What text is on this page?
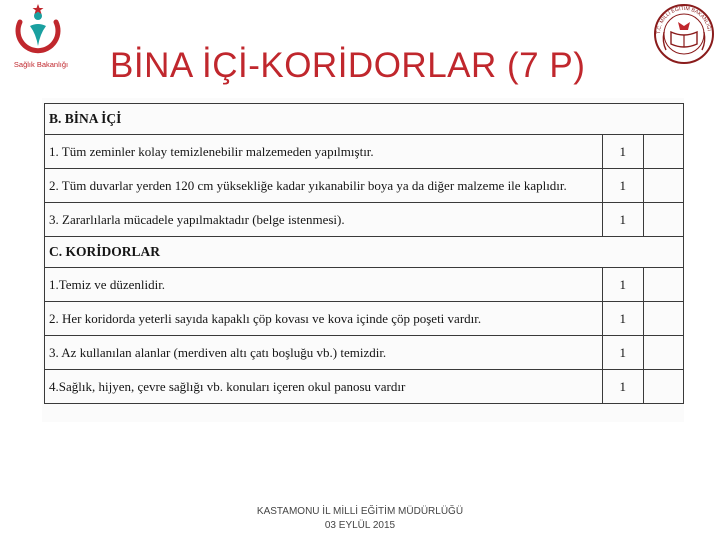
Sağlık Bakanlığı
T.C. MİLLİ EĞİTİM BAKANLIĞI
BİNA İÇİ-KORİDORLAR (7 P)
B. BİNA İÇİ		
1. Tüm zeminler kolay temizlenebilir malzemeden yapılmıştır.	1	
2. Tüm duvarlar yerden 120 cm yüksekliğe kadar yıkanabilir boya ya da diğer malzeme ile kaplıdır.	1	
3. Zararlılarla mücadele yapılmaktadır (belge istenmesi).	1	
C. KORİDORLAR		
1.Temiz ve düzenlidir.	1	
2. Her koridorda yeterli sayıda kapaklı çöp kovası ve kova içinde çöp poşeti vardır.	1	
3. Az kullanılan alanlar (merdiven altı çatı boşluğu vb.) temizdir.	1	
4.Sağlık, hijyen, çevre sağlığı vb. konuları içeren okul panosu vardır	1	
KASTAMONU İL MİLLİ EĞİTİM MÜDÜRLÜĞÜ
03 EYLÜL 2015
